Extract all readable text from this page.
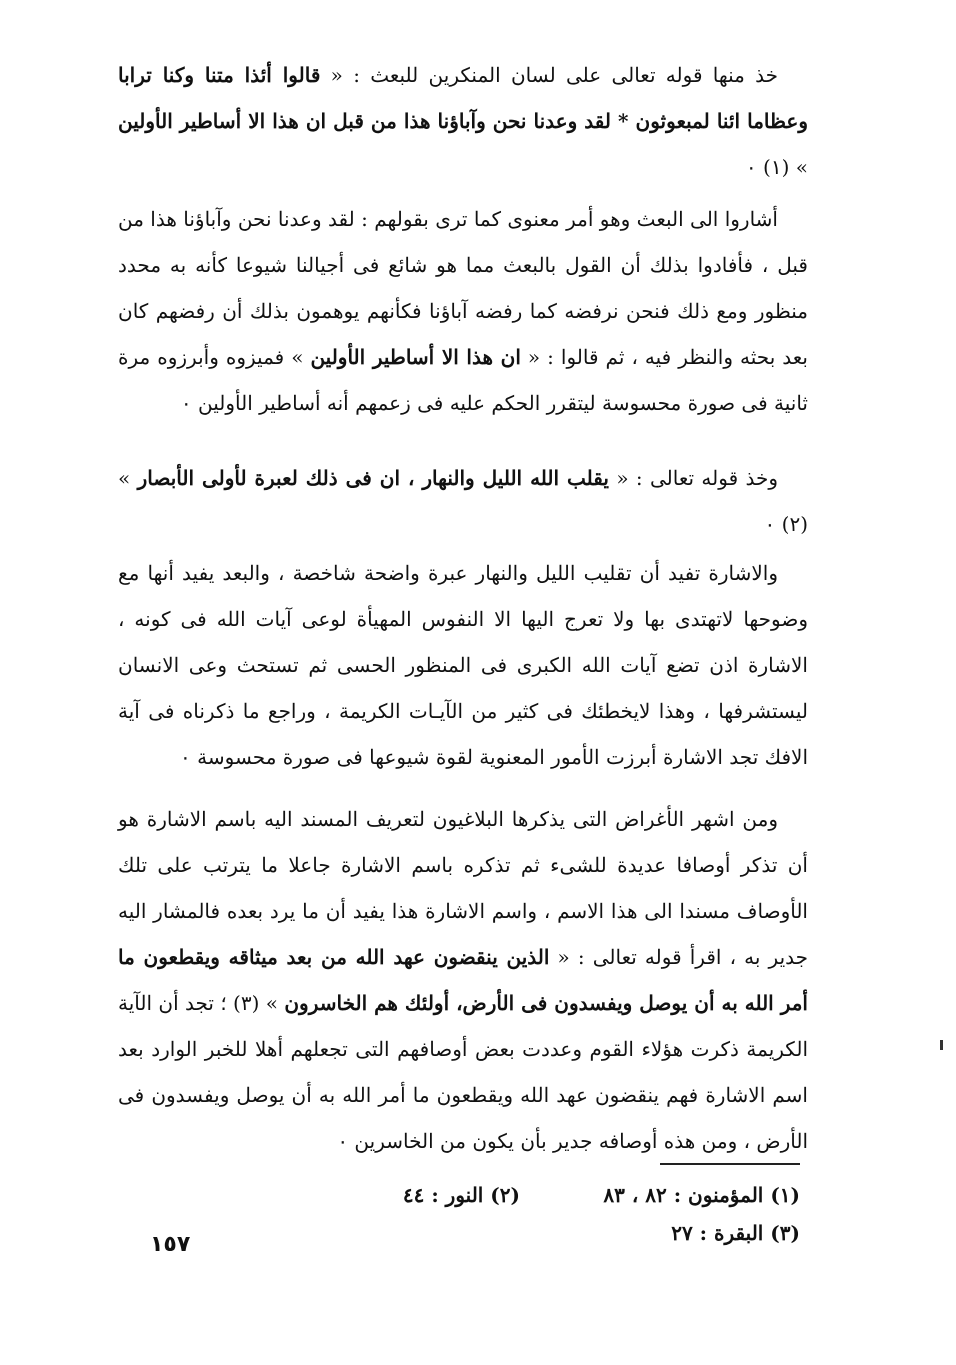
خذ منها قوله تعالى على لسان المنكرين للبعث : « قالوا أئذا متنا وكنا ترابا وعظاما ائنا لمبعوثون * لقد وعدنا نحن وآباؤنا هذا من قبل ان هذا الا أساطير الأولين » (١) ٠
أشاروا الى البعث وهو أمر معنوى كما ترى بقولهم : لقد وعدنا نحن وآباؤنا هذا من قبل ، فأفادوا بذلك أن القول بالبعث مما هو شائع فى أجيالنا شيوعا كأنه به محدد منظور ومع ذلك فنحن نرفضه كما رفضه آباؤنا فكأنهم يوهمون بذلك أن رفضهم كان بعد بحثه والنظر فيه ، ثم قالوا : « ان هذا الا أساطير الأولين » فميزوه وأبرزوه مرة ثانية فى صورة محسوسة ليتقرر الحكم عليه فى زعمهم أنه أساطير الأولين ٠
وخذ قوله تعالى : « يقلب الله الليل والنهار ، ان فى ذلك لعبرة لأولى الأبصار » (٢) ٠
والاشارة تفيد أن تقليب الليل والنهار عبرة واضحة شاخصة ، والبعد يفيد أنها مع وضوحها لاتهتدى بها ولا تعرج اليها الا النفوس المهيأة لوعى آيات الله فى كونه ، الاشارة اذن تضع آيات الله الكبرى فى المنظور الحسى ثم تستحث وعى الانسان ليستشرفها ، وهذا لايخطئك فى كثير من الآيـات الكريمة ، وراجع ما ذكرناه فى آية الافك تجد الاشارة أبرزت الأمور المعنوية لقوة شيوعها فى صورة محسوسة ٠
ومن اشهر الأغراض التى يذكرها البلاغيون لتعريف المسند اليه باسم الاشارة هو أن تذكر أوصافا عديدة للشىء ثم تذكره باسم الاشارة جاعلا ما يترتب على تلك الأوصاف مسندا الى هذا الاسم ، واسم الاشارة هذا يفيد أن ما يرد بعده فالمشار اليه جدير به ، اقرأ قوله تعالى : « الذين ينقضون عهد الله من بعد ميثاقه ويقطعون ما أمر الله به أن يوصل ويفسدون فى الأرض، أولئك هم الخاسرون » (٣) ؛ تجد أن الآية الكريمة ذكرت هؤلاء القوم وعددت بعض أوصافهم التى تجعلهم أهلا للخبر الوارد بعد اسم الاشارة فهم ينقضون عهد الله ويقطعون ما أمر الله به أن يوصل ويفسدون فى الأرض ، ومن هذه أوصافه جدير بأن يكون من الخاسرين ٠
(١) المؤمنون : ٨٢ ، ٨٣
(٢) النور : ٤٤
(٣) البقرة : ٢٧
١٥٧
